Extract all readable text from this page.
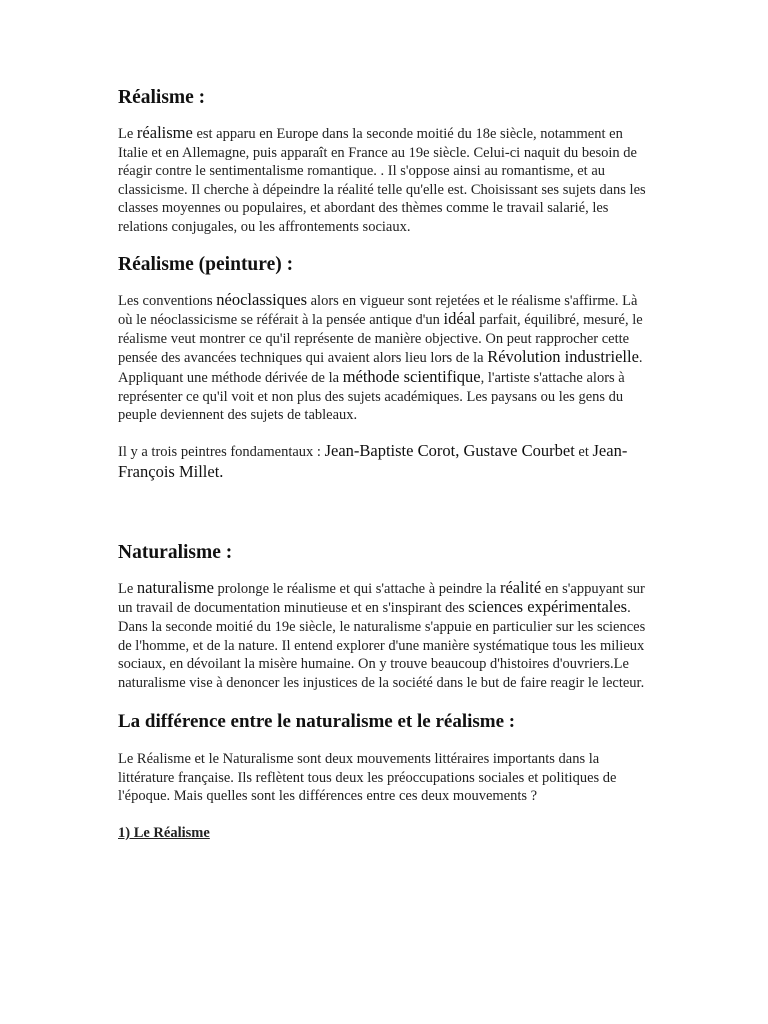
Réalisme :

Le réalisme est apparu en Europe dans la seconde moitié du 18e siècle, notamment en Italie et en Allemagne, puis apparaît en France au 19e siècle. Celui-ci naquit du besoin de réagir contre le sentimentalisme romantique. . Il s'oppose ainsi au romantisme, et au classicisme. Il cherche à dépeindre la réalité telle qu'elle est. Choisissant ses sujets dans les classes moyennes ou populaires, et abordant des thèmes comme le travail salarié, les relations conjugales, ou les affrontements sociaux.

Réalisme (peinture) :

Les conventions néoclassiques alors en vigueur sont rejetées et le réalisme s'affirme. Là où le néoclassicisme se référait à la pensée antique d'un idéal parfait, équilibré, mesuré, le réalisme veut montrer ce qu'il représente de manière objective. On peut rapprocher cette pensée des avancées techniques qui avaient alors lieu lors de la Révolution industrielle. Appliquant une méthode dérivée de la méthode scientifique, l'artiste s'attache alors à représenter ce qu'il voit et non plus des sujets académiques. Les paysans ou les gens du peuple deviennent des sujets de tableaux.

Il y a trois peintres fondamentaux : Jean-Baptiste Corot, Gustave Courbet et Jean-François Millet.

Naturalisme :

Le naturalisme prolonge le réalisme et qui s'attache à peindre la réalité en s'appuyant sur un travail de documentation minutieuse et en s'inspirant des sciences expérimentales. Dans la seconde moitié du 19e siècle, le naturalisme s'appuie en particulier sur les sciences de l'homme, et de la nature. Il entend explorer d'une manière systématique tous les milieux sociaux, en dévoilant la misère humaine. On y trouve beaucoup d'histoires d'ouvriers.Le naturalisme vise à denoncer les injustices de la société dans le but de faire reagir le lecteur.

La différence entre le naturalisme et le réalisme :

Le Réalisme et le Naturalisme sont deux mouvements littéraires importants dans la littérature française. Ils reflètent tous deux les préoccupations sociales et politiques de l'époque. Mais quelles sont les différences entre ces deux mouvements ?

1) Le Réalisme
